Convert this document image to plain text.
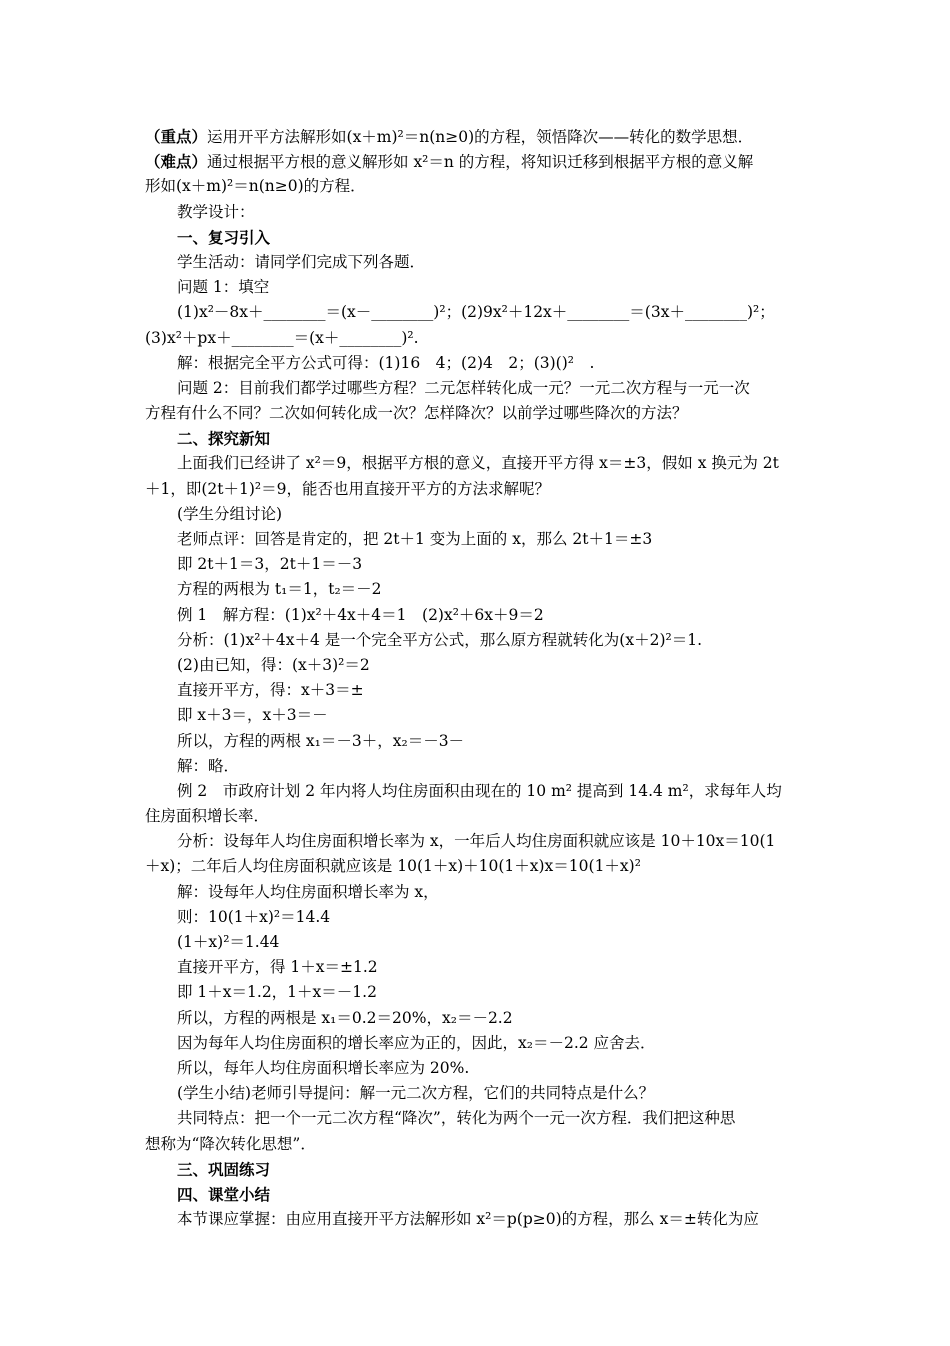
（重点）运用开平方法解形如(x＋m)²＝n(n≥0)的方程，领悟降次——转化的数学思想．
（难点）通过根据平方根的意义解形如 x²＝n 的方程，将知识迁移到根据平方根的意义解
形如(x＋m)²＝n(n≥0)的方程．
教学设计：
一、复习引入
学生活动：请同学们完成下列各题．
问题 1：填空
(1)x²－8x＋________＝(x－________)²；(2)9x²＋12x＋________＝(3x＋________)²；
(3)x²＋px＋________＝(x＋________)².
解：根据完全平方公式可得：(1)16　4；(2)4　2；(3)()²　.
问题 2：目前我们都学过哪些方程？二元怎样转化成一元？一元二次方程与一元一次
方程有什么不同？二次如何转化成一次？怎样降次？以前学过哪些降次的方法？
二、探究新知
上面我们已经讲了 x²＝9，根据平方根的意义，直接开平方得 x＝±3，假如 x 换元为 2t
＋1，即(2t＋1)²＝9，能否也用直接开平方的方法求解呢？
(学生分组讨论)
老师点评：回答是肯定的，把 2t＋1 变为上面的 x，那么 2t＋1＝±3
即 2t＋1＝3，2t＋1＝－3
方程的两根为 t₁＝1，t₂＝－2
例 1　解方程：(1)x²＋4x＋4＝1　(2)x²＋6x＋9＝2
分析：(1)x²＋4x＋4 是一个完全平方公式，那么原方程就转化为(x＋2)²＝1.
(2)由已知，得：(x＋3)²＝2
直接开平方，得：x＋3＝±
即 x＋3＝，x＋3＝－
所以，方程的两根 x₁＝－3＋，x₂＝－3－
解：略．
例 2　市政府计划 2 年内将人均住房面积由现在的 10 m² 提高到 14.4 m²，求每年人均
住房面积增长率．
分析：设每年人均住房面积增长率为 x，一年后人均住房面积就应该是 10＋10x＝10(1
＋x)；二年后人均住房面积就应该是 10(1＋x)＋10(1＋x)x＝10(1＋x)²
解：设每年人均住房面积增长率为 x，
则：10(1＋x)²＝14.4
(1＋x)²＝1.44
直接开平方，得 1＋x＝±1.2
即 1＋x＝1.2，1＋x＝－1.2
所以，方程的两根是 x₁＝0.2＝20%，x₂＝－2.2
因为每年人均住房面积的增长率应为正的，因此，x₂＝－2.2 应舍去．
所以，每年人均住房面积增长率应为 20%.
(学生小结)老师引导提问：解一元二次方程，它们的共同特点是什么？
共同特点：把一个一元二次方程“降次”，转化为两个一元一次方程．我们把这种思
想称为“降次转化思想”．
三、巩固练习
四、课堂小结
本节课应掌握：由应用直接开平方法解形如 x²＝p(p≥0)的方程，那么 x＝±转化为应
